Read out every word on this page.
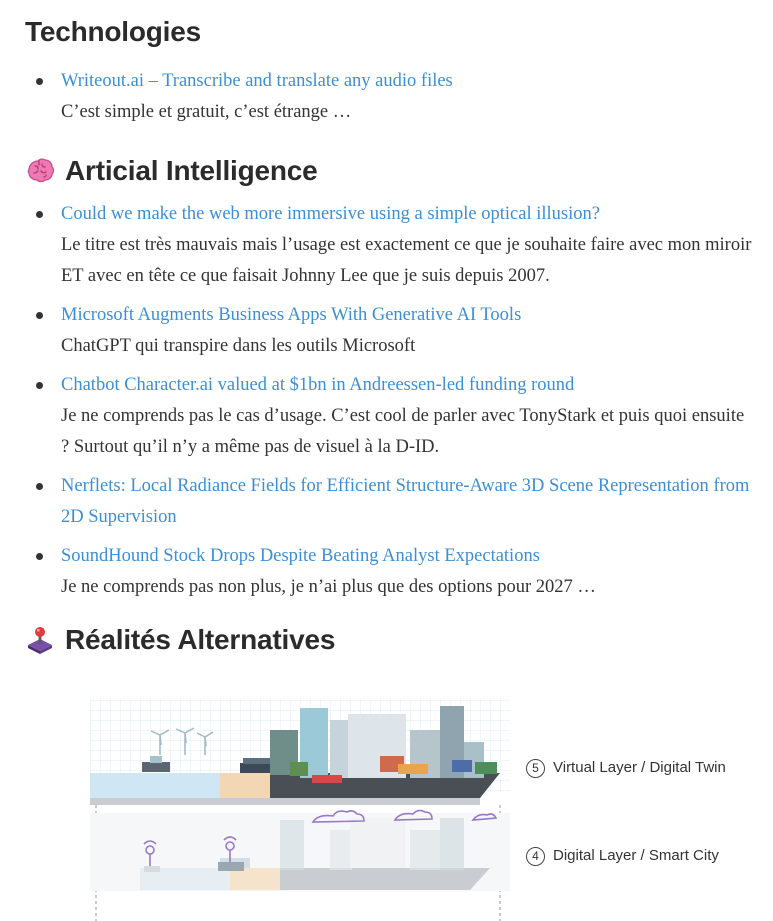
Technologies
Writeout.ai – Transcribe and translate any audio files
C’est simple et gratuit, c’est étrange …
Articial Intelligence
Could we make the web more immersive using a simple optical illusion?
Le titre est très mauvais mais l’usage est exactement ce que je souhaite faire avec mon miroir ET avec en tête ce que faisait Johnny Lee que je suis depuis 2007.
Microsoft Augments Business Apps With Generative AI Tools
ChatGPT qui transpire dans les outils Microsoft
Chatbot Character.ai valued at $1bn in Andreessen-led funding round
Je ne comprends pas le cas d’usage. C’est cool de parler avec TonyStark et puis quoi ensuite ? Surtout qu’il n’y a même pas de visuel à la D-ID.
Nerflets: Local Radiance Fields for Efficient Structure-Aware 3D Scene Representation from 2D Supervision
SoundHound Stock Drops Despite Beating Analyst Expectations
Je ne comprends pas non plus, je n’ai plus que des options pour 2027 …
Réalités Alternatives
5 Virtual Layer / Digital Twin
4 Digital Layer / Smart City
